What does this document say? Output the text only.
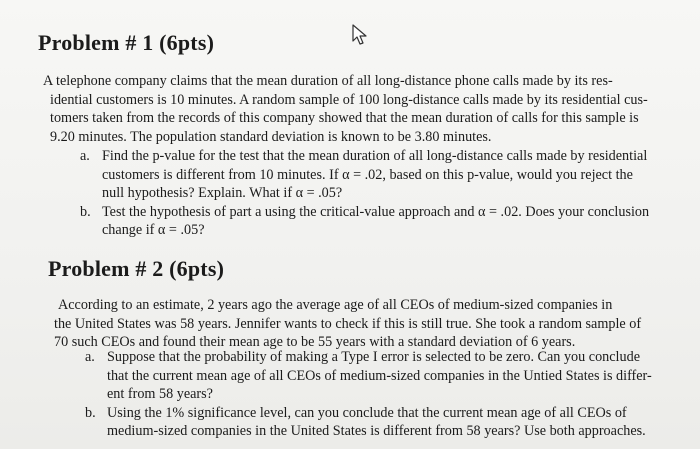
Problem # 1 (6pts)
A telephone company claims that the mean duration of all long-distance phone calls made by its res-
idential customers is 10 minutes. A random sample of 100 long-distance calls made by its residential cus-
tomers taken from the records of this company showed that the mean duration of calls for this sample is
9.20 minutes. The population standard deviation is known to be 3.80 minutes.
a. Find the p-value for the test that the mean duration of all long-distance calls made by residential
customers is different from 10 minutes. If α = .02, based on this p-value, would you reject the
null hypothesis? Explain. What if α = .05?
b. Test the hypothesis of part a using the critical-value approach and α = .02. Does your conclusion
change if α = .05?
Problem # 2 (6pts)
According to an estimate, 2 years ago the average age of all CEOs of medium-sized companies in
the United States was 58 years. Jennifer wants to check if this is still true. She took a random sample of
70 such CEOs and found their mean age to be 55 years with a standard deviation of 6 years.
a. Suppose that the probability of making a Type I error is selected to be zero. Can you conclude
that the current mean age of all CEOs of medium-sized companies in the Untied States is differ-
ent from 58 years?
b. Using the 1% significance level, can you conclude that the current mean age of all CEOs of
medium-sized companies in the United States is different from 58 years? Use both approaches.
